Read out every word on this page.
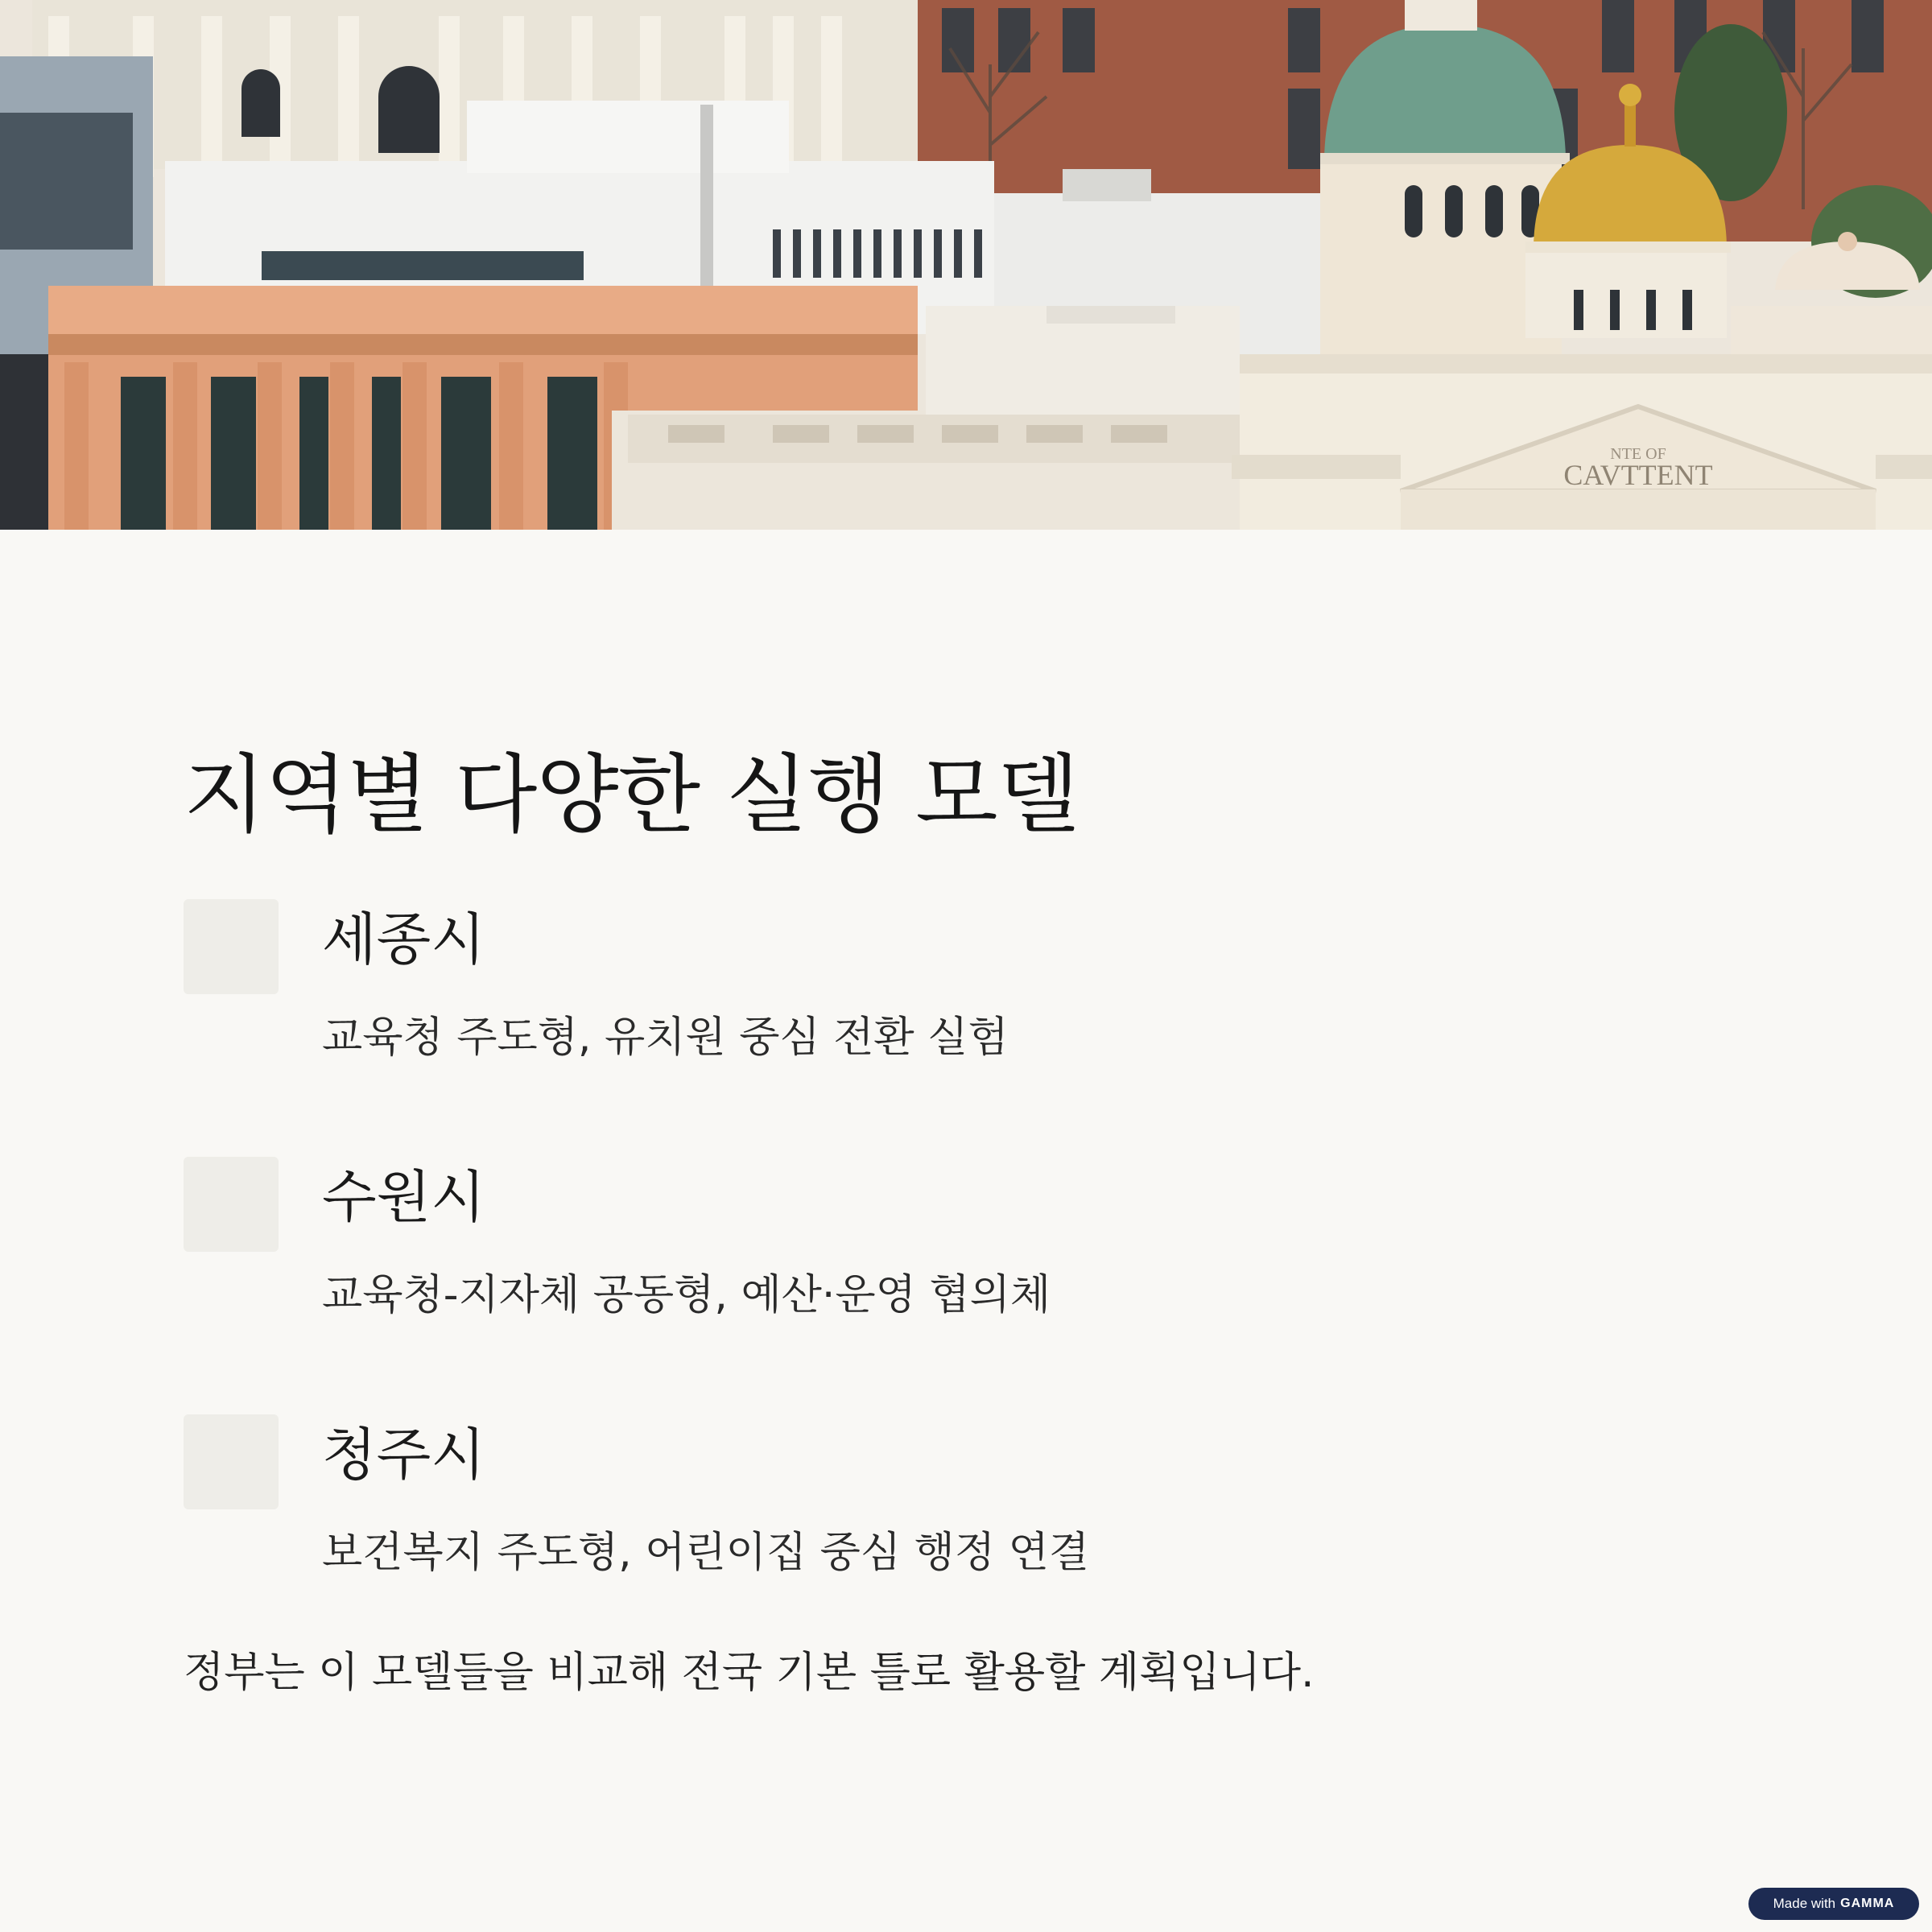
NTE OF
CAVTTENT
지역별 다양한 실행 모델
세종시

교육청 주도형, 유치원 중심 전환 실험

수원시

교육청-지자체 공동형, 예산·운영 협의체

청주시

보건복지 주도형, 어린이집 중심 행정 연결

정부는 이 모델들을 비교해 전국 기본 틀로 활용할 계획입니다.

Made with GAMMA
